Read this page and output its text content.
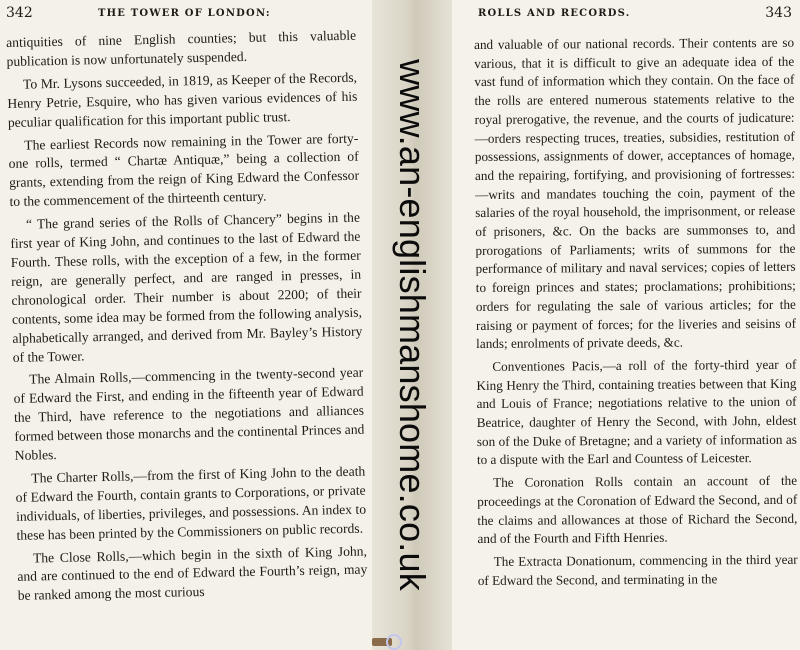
342	THE TOWER OF LONDON:

antiquities of nine English counties; but this valuable publication is now unfortunately suspended.

To Mr. Lysons succeeded, in 1819, as Keeper of the Records, Henry Petrie, Esquire, who has given various evidences of his peculiar qualification for this important public trust.

The earliest Records now remaining in the Tower are forty-one rolls, termed “ Chartæ Antiquæ,” being a collection of grants, extending from the reign of King Edward the Confessor to the commencement of the thirteenth century.

“ The grand series of the Rolls of Chancery” begins in the first year of King John, and continues to the last of Edward the Fourth. These rolls, with the exception of a few, in the former reign, are generally perfect, and are ranged in presses, in chronological order. Their number is about 2200; of their contents, some idea may be formed from the following analysis, alphabetically arranged, and derived from Mr. Bayley’s History of the Tower.

The Almain Rolls,—commencing in the twenty-second year of Edward the First, and ending in the fifteenth year of Edward the Third, have reference to the negotiations and alliances formed between those monarchs and the continental Princes and Nobles.

The Charter Rolls,—from the first of King John to the death of Edward the Fourth, contain grants to Corporations, or private individuals, of liberties, privileges, and possessions. An index to these has been printed by the Commissioners on public records.

The Close Rolls,—which begin in the sixth of King John, and are continued to the end of Edward the Fourth’s reign, may be ranked among the most curious

ROLLS AND RECORDS.	343

and valuable of our national records. Their contents are so various, that it is difficult to give an adequate idea of the vast fund of information which they contain. On the face of the rolls are entered numerous statements relative to the royal prerogative, the revenue, and the courts of judicature:—orders respecting truces, treaties, subsidies, restitution of possessions, assignments of dower, acceptances of homage, and the repairing, fortifying, and provisioning of fortresses:—writs and mandates touching the coin, payment of the salaries of the royal household, the imprisonment, or release of prisoners, &c. On the backs are summonses to, and prorogations of Parliaments; writs of summons for the performance of military and naval services; copies of letters to foreign princes and states; proclamations; prohibitions; orders for regulating the sale of various articles; for the raising or payment of forces; for the liveries and seisins of lands; enrolments of private deeds, &c.

Conventiones Pacis,—a roll of the forty-third year of King Henry the Third, containing treaties between that King and Louis of France; negotiations relative to the union of Beatrice, daughter of Henry the Second, with John, eldest son of the Duke of Bretagne; and a variety of information as to a dispute with the Earl and Countess of Leicester.

The Coronation Rolls contain an account of the proceedings at the Coronation of Edward the Second, and of the claims and allowances at those of Richard the Second, and of the Fourth and Fifth Henries.

The Extracta Donationum, commencing in the third year of Edward the Second, and terminating in the

www.an-englishmanshome.co.uk
